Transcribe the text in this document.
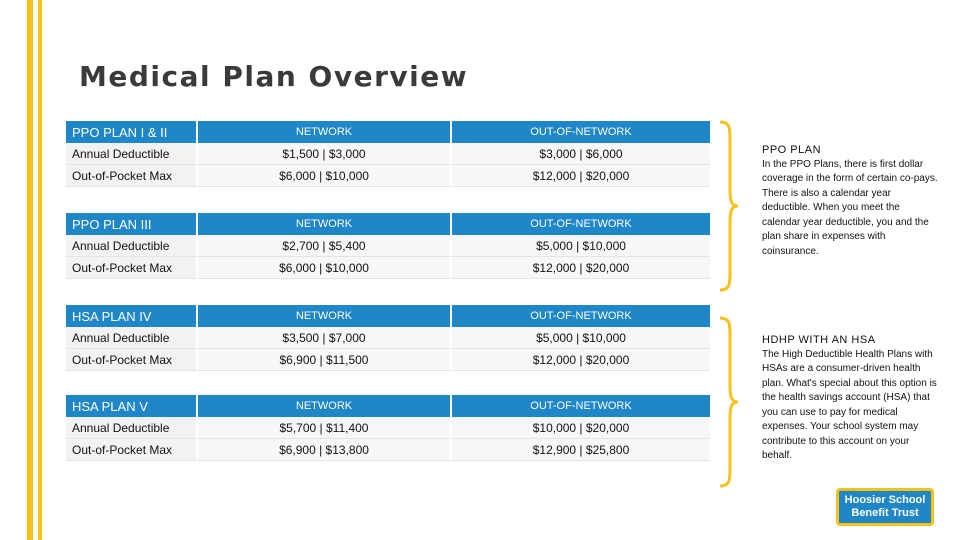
Medical Plan Overview
PPO PLAN I & II	NETWORK	OUT-OF-NETWORK
Annual Deductible	$1,500 | $3,000	$3,000 | $6,000
Out-of-Pocket Max	$6,000 | $10,000	$12,000 | $20,000
PPO PLAN III	NETWORK	OUT-OF-NETWORK
Annual Deductible	$2,700 | $5,400	$5,000 | $10,000
Out-of-Pocket Max	$6,000 | $10,000	$12,000 | $20,000
HSA PLAN IV	NETWORK	OUT-OF-NETWORK
Annual Deductible	$3,500 | $7,000	$5,000 | $10,000
Out-of-Pocket Max	$6,900 | $11,500	$12,000 | $20,000
HSA PLAN V	NETWORK	OUT-OF-NETWORK
Annual Deductible	$5,700 | $11,400	$10,000 | $20,000
Out-of-Pocket Max	$6,900 | $13,800	$12,900 | $25,800
PPO PLAN

In the PPO Plans, there is first dollar coverage in the form of certain co-pays. There is also a calendar year deductible. When you meet the calendar year deductible, you and the plan share in expenses with coinsurance.

HDHP WITH AN HSA

The High Deductible Health Plans with HSAs are a consumer-driven health plan. What's special about this option is the health savings account (HSA) that you can use to pay for medical expenses. Your school system may contribute to this account on your behalf.

Hoosier School
Benefit Trust
